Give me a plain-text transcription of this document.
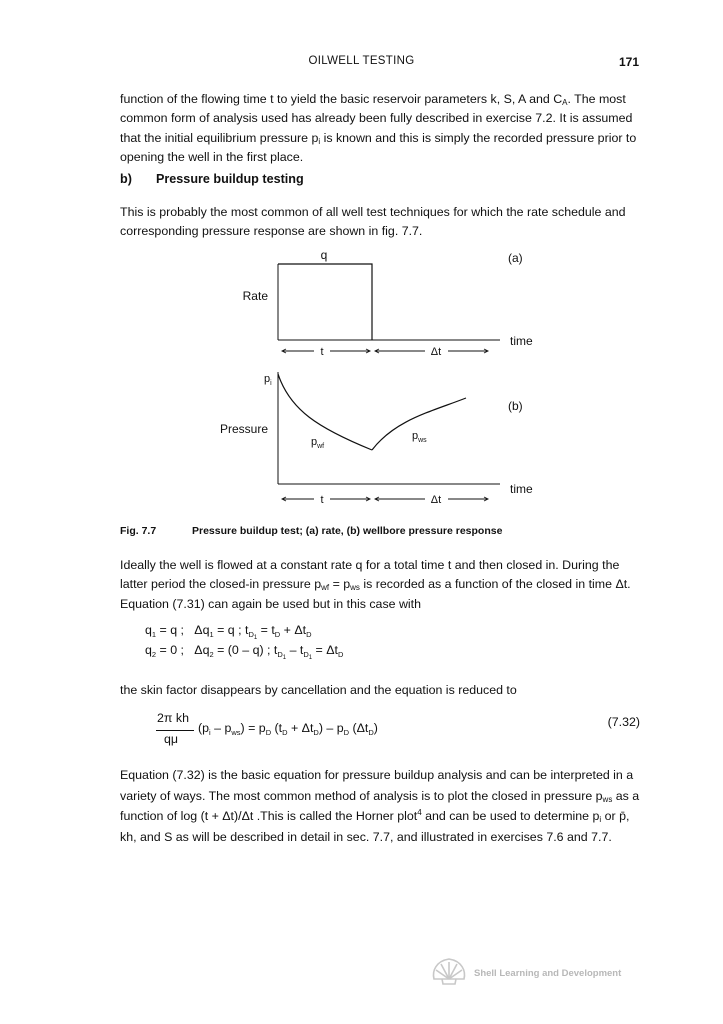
OILWELL TESTING	171
function of the flowing time t to yield the basic reservoir parameters k, S, A and $C_A$. The most common form of analysis used has already been fully described in exercise 7.2. It is assumed that the initial equilibrium pressure $p_i$ is known and this is simply the recorded pressure prior to opening the well in the first place.
b) Pressure buildup testing
This is probably the most common of all well test techniques for which the rate schedule and corresponding pressure response are shown in fig. 7.7.
q	(a)
Rate
time
t	Δt
$p_i$
(b)
Pressure
$p_{wf}$
$p_{ws}$
time
t	Δt
Fig. 7.7	Pressure buildup test; (a) rate, (b) wellbore pressure response
Ideally the well is flowed at a constant rate q for a total time t and then closed in. During the latter period the closed-in pressure $p_{wf} = p_{ws}$ is recorded as a function of the closed in time Δt. Equation (7.31) can again be used but in this case with
$q_1 = q$ ;   $\Delta q_1 = q$ ; $t_{D_1} = t_D + \Delta t_D$
$q_2 = 0$ ;   $\Delta q_2 = (0 - q)$ ; $t_{D_1} - t_{D_1} = \Delta t_D$
the skin factor disappears by cancellation and the equation is reduced to
2π kh
qμ
$(p_i - p_{ws}) = p_D$ $(t_D + \Delta t_D) - p_D$ $(\Delta t_D)$	(7.32)
Equation (7.32) is the basic equation for pressure buildup analysis and can be interpreted in a variety of ways. The most common method of analysis is to plot the closed in pressure $p_{ws}$ as a function of log (t + Δt)/Δt .This is called the Horner plot$^4$ and can be used to determine $p_i$ or p̄, kh, and S as will be described in detail in sec. 7.7, and illustrated in exercises 7.6 and 7.7.
Shell Learning and Development
